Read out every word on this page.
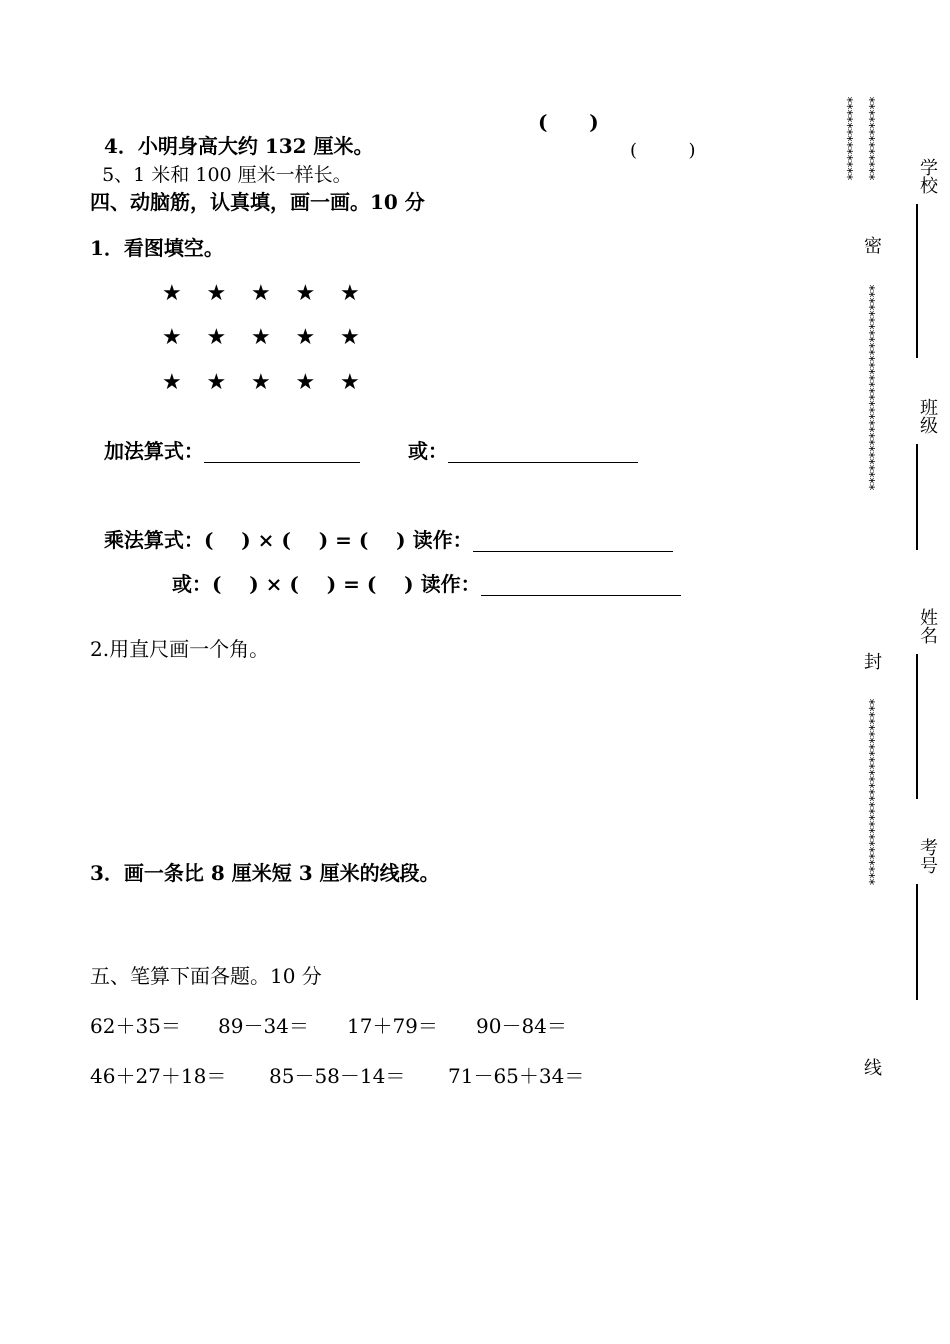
4．小明身高大约 132 厘米。

(      )

5、1 米和 100 厘米一样长。

(         )
四、动脑筋，认真填，画一画。10 分
1．看图填空。
★ ★ ★ ★ ★
★ ★ ★ ★ ★
★ ★ ★ ★ ★

加法算式：	或：

乘法算式：(    ) × (    ) = (    ) 读作：

或：(    ) × (    ) = (    ) 读作：

2.用直尺画一个角。
3．画一条比 8 厘米短 3 厘米的线段。
五、笔算下面各题。10 分
62＋35＝ 89－34＝ 17＋79＝ 90－84＝
46＋27＋18＝ 85－58－14＝ 71－65＋34＝
************* *************
密
********************************
封
*****************************
线
学校
班级
姓名
考号
